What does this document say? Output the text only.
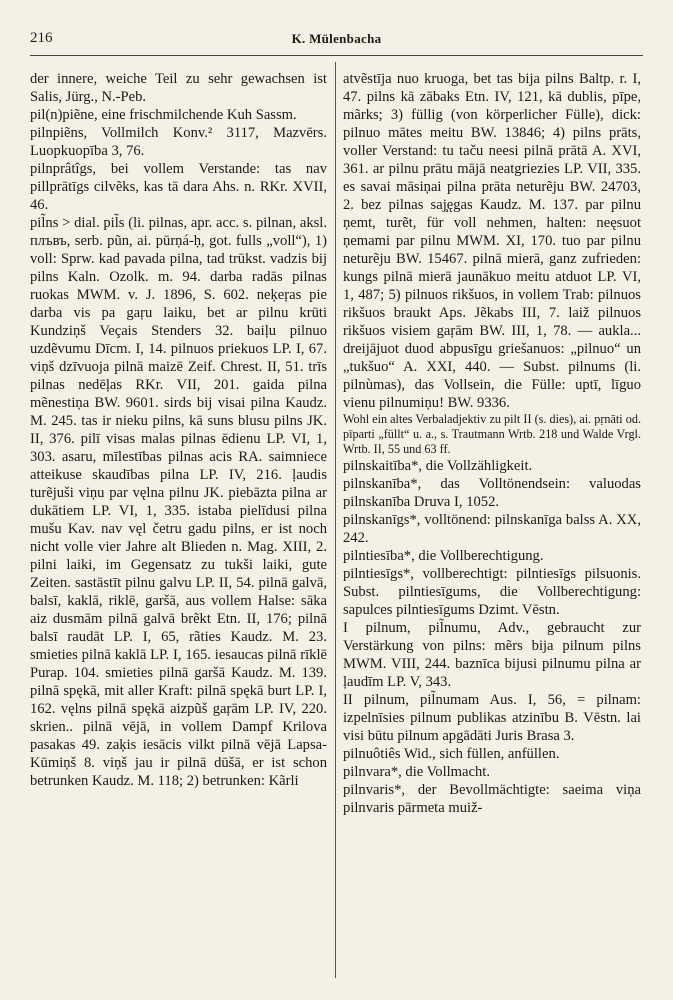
216	K. Mülenbacha

der innere, weiche Teil zu sehr gewachsen ist Salis, Jürg., N.-Peb.

pil(n)piẽne, eine frischmilchende Kuh Sassm.

pilnpiẽns, Vollmilch Konv.² 3117, Mazvērs. Luopkuopība 3, 76.

pilnprâtîgs, bei vollem Verstande: tas nav pillprātīgs cilvẽks, kas tā dara Ahs. n. RKr. XVII, 46.

pil̃ns > dial. pil̃s (li. pilnas, apr. acc. s. pilnan, aksl. плъвъ, serb. pũn, ai. pūrṇá-ḥ, got. fulls „voll“), 1) voll: Sprw. kad pavada pilna, tad trūkst. vadzis bij pilns Kaln. Ozolk. m. 94. darba radās pilnas ruokas MWM. v. J. 1896, S. 602. neķeŗas pie darba vis pa gaŗu laiku, bet ar pilnu krūti Kundziņš Veçais Stenders 32. baiļu pilnuo uzdẽvumu Dīcm. I, 14. pilnuos priekuos LP. I, 67. viņš dzīvuoja pilnā maizē Zeif. Chrest. II, 51. trīs pilnas nedēļas RKr. VII, 201. gaida pilna mẽnestiņa BW. 9601. sirds bij visai pilna Kaudz. M. 245. tas ir nieku pilns, kā suns blusu pilns JK. II, 376. pilī visas malas pilnas ēdienu LP. VI, 1, 303. asaru, mīlestības pilnas acis RA. saimniece atteikuse skaudības pilna LP. IV, 216. ļaudis turẽjuši viņu par vęlna pilnu JK. piebāzta pilna ar dukātiem LP. VI, 1, 335. istaba pielīdusi pilna mušu Kav. nav vęl četru gadu pilns, er ist noch nicht volle vier Jahre alt Blieden n. Mag. XIII, 2. pilni laiki, im Gegensatz zu tukši laiki, gute Zeiten. sastāstīt pilnu galvu LP. II, 54. pilnā galvā, balsī, kaklā, riklē, garšā, aus vollem Halse: sāka aiz dusmām pilnā galvā brẽkt Etn. II, 176; pilnā balsī raudāt LP. I, 65, rãties Kaudz. M. 23. smieties pilnā kaklā LP. I, 165. iesaucas pilnā rīklē Purap. 104. smieties pilnā garšā Kaudz. M. 139. pilnā spękā, mit aller Kraft: pilnā spękā burt LP. I, 162. vęlns pilnā spękā aizpũš gaŗām LP. IV, 220. skrien.. pilnā vējā, in vollem Dampf Krilova pasakas 49. zaķis iesācis vilkt pilnā vējā Lapsa-Kūmiņš 8. viņš jau ir pilnā dūšā, er ist schon betrunken Kaudz. M. 118; 2) betrunken: Kãrli

atvẽstīja nuo kruoga, bet tas bija pilns Baltp. r. I, 47. pilns kā zābaks Etn. IV, 121, kā dublis, pīpe, mãrks; 3) füllig (von körperlicher Fülle), dick: pilnuo mātes meitu BW. 13846; 4) pilns prāts, voller Verstand: tu taču neesi pilnā prātā A. XVI, 361. ar pilnu prātu mājā neatgriezies LP. VII, 335. es savai māsiņai pilna prāta neturẽju BW. 24703, 2. bez pilnas saj̧ęgas Kaudz. M. 137. par pilnu ņemt, turẽt, für voll nehmen, halten: neęsuot ņemami par pilnu MWM. XI, 170. tuo par pilnu neturẽju BW. 15467. pilnā mierā, ganz zufrieden: kungs pilnā mierā jaunākuo meitu atduot LP. VI, 1, 487; 5) pilnuos rikšuos, in vollem Trab: pilnuos rikšuos braukt Aps. Jẽkabs III, 7. laiž pilnuos rikšuos visiem gaŗām BW. III, 1, 78. — aukla... dreijājuot duod abpusīgu griešanuos: „pilnuo“ un „tukšuo“ A. XXI, 440. — Subst. pilnums (li. pilnùmas), das Vollsein, die Fülle: uptī, līguo vienu pilnumiņu! BW. 9336.

Wohl ein altes Verbaladjektiv zu pilt II (s. dies), ai. pṛnāti od. pīparti „füllt“ u. a., s. Trautmann Wrtb. 218 und Walde Vrgl. Wrtb. II, 55 und 63 ff.

pilnskaitība*, die Vollzähligkeit.

pilnskanība*, das Volltönendsein: valuodas pilnskanība Druva I, 1052.

pilnskanīgs*, volltönend: pilnskanīga balss A. XX, 242.

pilntiesība*, die Vollberechtigung.

pilntiesīgs*, vollberechtigt: pilntiesīgs pilsuonis. Subst. pilntiesīgums, die Vollberechtigung: sapulces pilntiesīgums Dzimt. Vēstn.

I pilnum, pil̃numu, Adv., gebraucht zur Verstärkung von pilns: mẽrs bija pilnum pilns MWM. VIII, 244. baznīca bijusi pilnumu pilna ar ļaudīm LP. V, 343.

II pilnum, pil̃numam Aus. I, 56, = pilnam: izpelnīsies pilnum publikas atzinību B. Vēstn. lai visi būtu pilnum apgādāti Juris Brasa 3.

pilnuôtiês Wid., sich füllen, anfüllen.

pilnvara*, die Vollmacht.

pilnvaris*, der Bevollmächtigte: saeima viņa pilnvaris pārmeta muiž-
